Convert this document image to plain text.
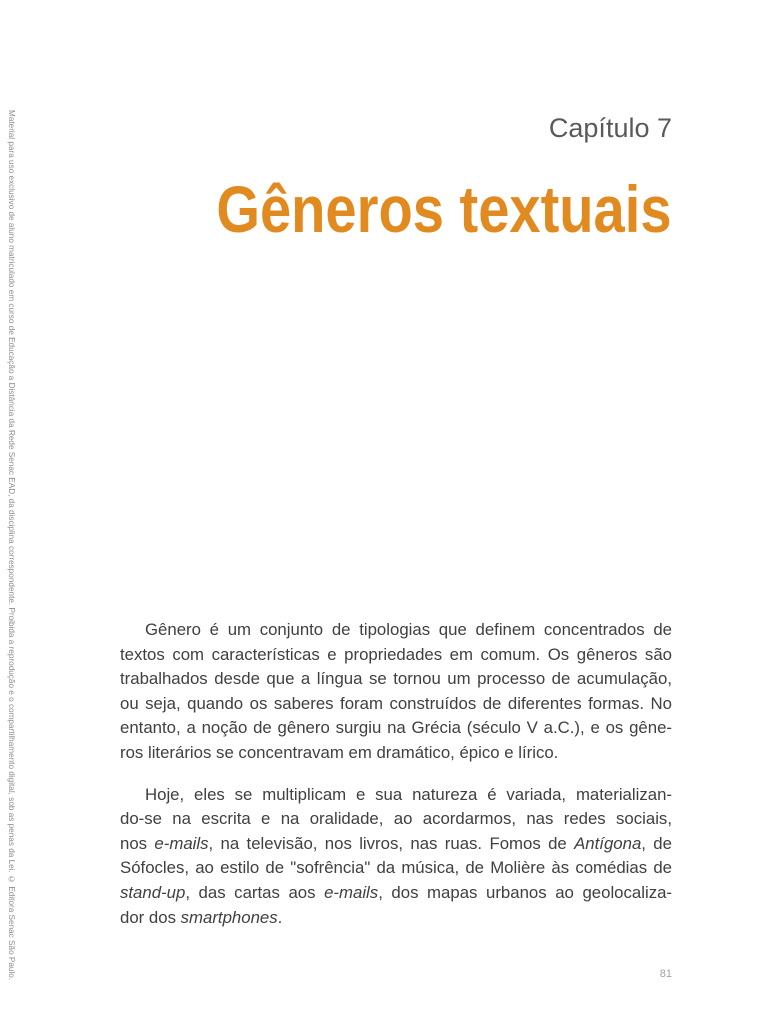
Material para uso exclusivo de aluno matriculado em curso de Educação a Distância da Rede Senac EAD, da disciplina correspondente. Proibida a reprodução e o compartilhamento digital, sob as penas da Lei. © Editora Senac São Paulo.	Capítulo 7
Gêneros textuais
Gênero é um conjunto de tipologias que definem concentrados de
textos com características e propriedades em comum. Os gêneros são
trabalhados desde que a língua se tornou um processo de acumulação,
ou seja, quando os saberes foram construídos de diferentes formas. No
entanto, a noção de gênero surgiu na Grécia (século V a.C.), e os gêne-
ros literários se concentravam em dramático, épico e lírico.
Hoje, eles se multiplicam e sua natureza é variada, materializan-
do-se na escrita e na oralidade, ao acordarmos, nas redes sociais,
nos e-mails, na televisão, nos livros, nas ruas. Fomos de Antígona, de
Sófocles, ao estilo de "sofrência" da música, de Molière às comédias de
stand-up, das cartas aos e-mails, dos mapas urbanos ao geolocaliza-
dor dos smartphones.
81
